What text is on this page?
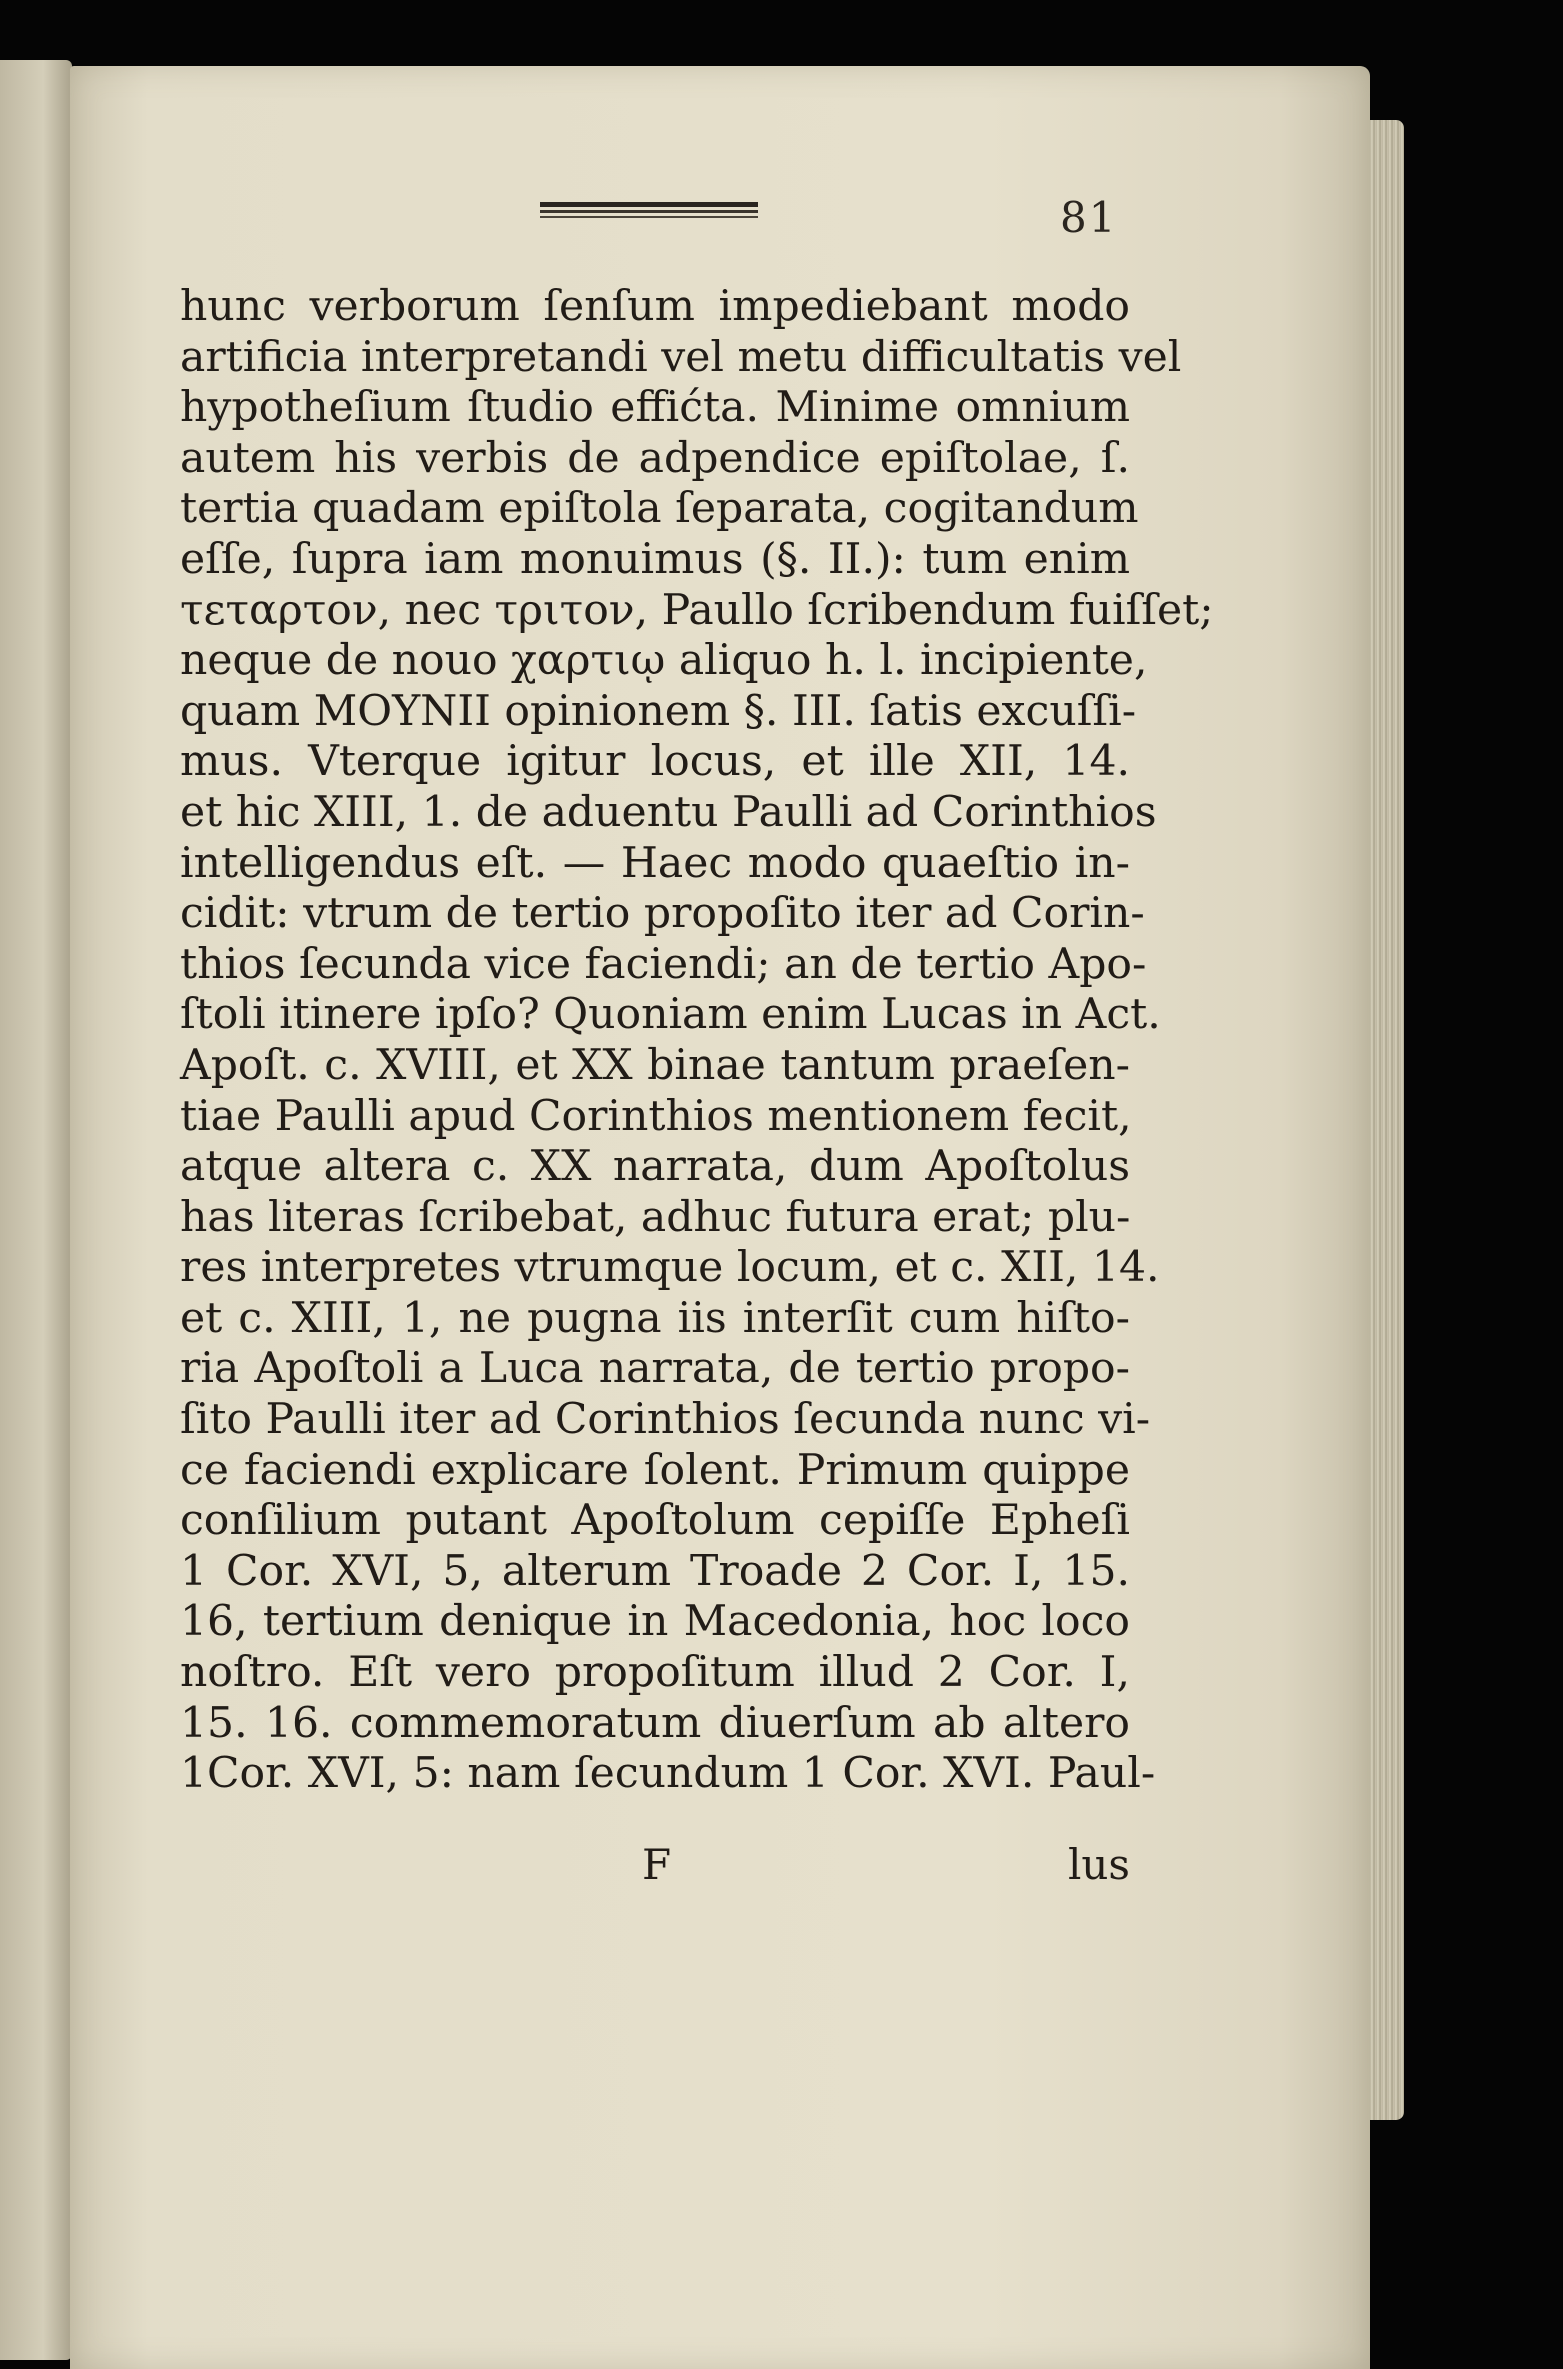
81
hunc verborum ſenſum impediebant modo
artificia interpretandi vel metu difficultatis vel
hypotheſium ſtudio effićta. Minime omnium
autem his verbis de adpendice epiſtolae, ſ.
tertia quadam epiſtola ſeparata, cogitandum
eſſe, ſupra iam monuimus (§. II.): tum enim
τεταρτον, nec τριτον, Paullo ſcribendum fuiſſet;
neque de nouo χαρτιῳ aliquo h. l. incipiente,
quam MOYNII opinionem §. III. ſatis excuſſi-
mus. Vterque igitur locus, et ille XII, 14.
et hic XIII, 1. de aduentu Paulli ad Corinthios
intelligendus eſt. — Haec modo quaeſtio in-
cidit: vtrum de tertio propoſito iter ad Corin-
thios ſecunda vice faciendi; an de tertio Apo-
ſtoli itinere ipſo? Quoniam enim Lucas in Act.
Apoſt. c. XVIII, et XX binae tantum praeſen-
tiae Paulli apud Corinthios mentionem fecit,
atque altera c. XX narrata, dum Apoſtolus
has literas ſcribebat, adhuc futura erat; plu-
res interpretes vtrumque locum, et c. XII, 14.
et c. XIII, 1, ne pugna iis interſit cum hiſto-
ria Apoſtoli a Luca narrata, de tertio propo-
ſito Paulli iter ad Corinthios ſecunda nunc vi-
ce faciendi explicare ſolent. Primum quippe
conſilium putant Apoſtolum cepiſſe Epheſi
1 Cor. XVI, 5, alterum Troade 2 Cor. I, 15.
16, tertium denique in Macedonia, hoc loco
noſtro. Eſt vero propoſitum illud 2 Cor. I,
15. 16. commemoratum diuerſum ab altero
1Cor. XVI, 5: nam ſecundum 1 Cor. XVI. Paul-
F	lus
